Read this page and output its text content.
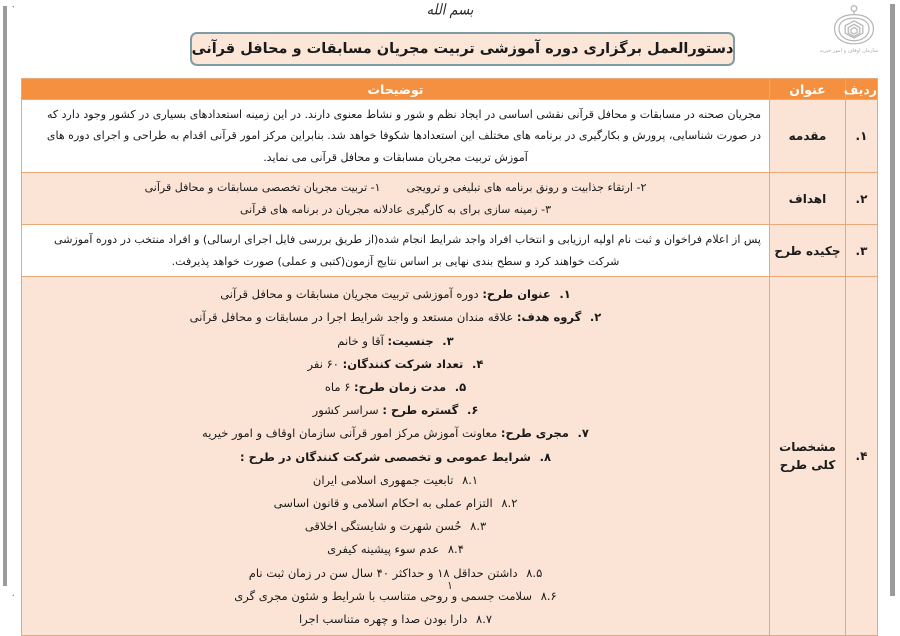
بسم الله
سازمان اوقاف و امور خیریه
دستورالعمل برگزاری دوره آموزشی تربیت مجریان مسابقات و محافل قرآنی
ردیف	عنوان	توضیحات
۱.	مقدمه	مجریان صحنه در مسابقات و محافل قرآنی نقشی اساسی در ایجاد نظم و شور و نشاط معنوی دارند. در این زمینه استعدادهای بسیاری در کشور وجود دارد که
در صورت شناسایی، پرورش و بکارگیری در برنامه های مختلف این استعدادها شکوفا خواهد شد. بنابراین مرکز امور قرآنی اقدام به طراحی و اجرای دوره های
آموزش تربیت مجریان مسابقات و محافل قرآنی می نماید.

۲.	اهداف	۲- ارتقاء جذابیت و رونق برنامه های تبلیغی و ترویجی
۱- تربیت مجریان تخصصی مسابقات و محافل قرآنی
۳- زمینه سازی برای به کارگیری عادلانه مجریان در برنامه های قرآنی

۳.	چکیده طرح	پس از اعلام فراخوان و ثبت نام اولیه ارزیابی و انتخاب افراد واجد شرایط انجام شده(از طریق بررسی فایل اجرای ارسالی) و افراد منتخب در دوره آموزشی
شرکت خواهند کرد و سطح بندی نهایی بر اساس نتایج آزمون(کتبی و عملی) صورت خواهد پذیرفت.

۴.	مشخصات کلی طرح	
۱. عنوان طرح: دوره آموزشی تربیت مجریان مسابقات و محافل قرآنی
۲. گروه هدف: علاقه مندان مستعد و واجد شرایط اجرا در مسابقات و محافل قرآنی
۳. جنسیت: آقا و خانم
۴. تعداد شرکت کنندگان: ۶۰ نفر
۵. مدت زمان طرح: ۶ ماه
۶. گستره طرح : سراسر کشور
۷. مجری طرح: معاونت آموزش مرکز امور قرآنی سازمان اوقاف و امور خیریه
۸. شرایط عمومی و تخصصی شرکت کنندگان در طرح :
۸.۱ تابعیت جمهوری اسلامی ایران
۸.۲ التزام عملی به احکام اسلامی و قانون اساسی
۸.۳ حُسن شهرت و شایستگی اخلاقی
۸.۴ عدم سوء پیشینه کیفری
۸.۵ داشتن حداقل ۱۸ و حداکثر ۴۰ سال سن در زمان ثبت نام
۸.۶ سلامت جسمی و روحی متناسب با شرایط و شئون مجری گری
۸.۷ دارا بودن صدا و چهره متناسب اجرا
۱
